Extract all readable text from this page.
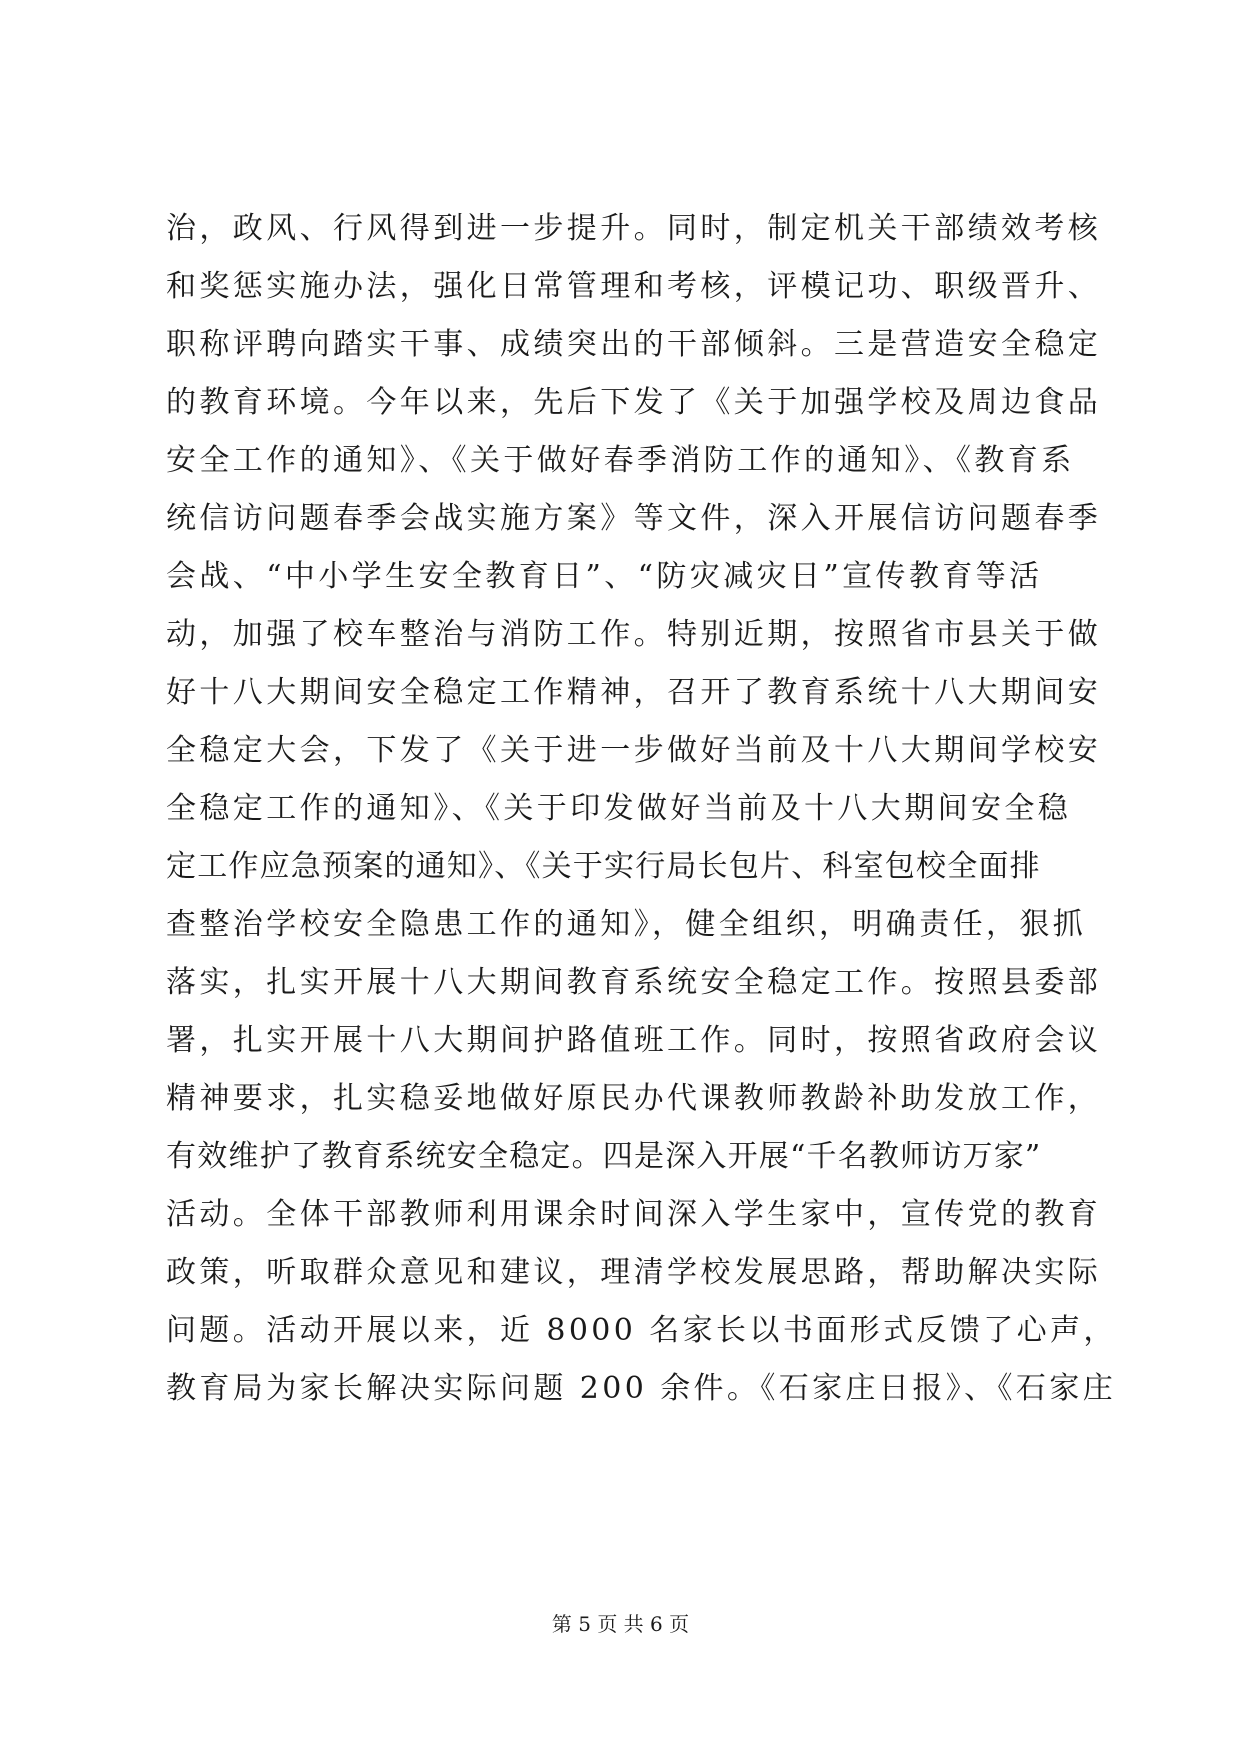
治，政风、行风得到进一步提升。同时，制定机关干部绩效考核
和奖惩实施办法，强化日常管理和考核，评模记功、职级晋升、
职称评聘向踏实干事、成绩突出的干部倾斜。三是营造安全稳定
的教育环境。今年以来，先后下发了《关于加强学校及周边食品
安全工作的通知》、《关于做好春季消防工作的通知》、《教育系
统信访问题春季会战实施方案》等文件，深入开展信访问题春季
会战、“中小学生安全教育日”、“防灾减灾日”宣传教育等活
动，加强了校车整治与消防工作。特别近期，按照省市县关于做
好十八大期间安全稳定工作精神，召开了教育系统十八大期间安
全稳定大会，下发了《关于进一步做好当前及十八大期间学校安
全稳定工作的通知》、《关于印发做好当前及十八大期间安全稳
定工作应急预案的通知》、《关于实行局长包片、科室包校全面排
查整治学校安全隐患工作的通知》，健全组织，明确责任，狠抓
落实，扎实开展十八大期间教育系统安全稳定工作。按照县委部
署，扎实开展十八大期间护路值班工作。同时，按照省政府会议
精神要求，扎实稳妥地做好原民办代课教师教龄补助发放工作，
有效维护了教育系统安全稳定。四是深入开展“千名教师访万家”
活动。全体干部教师利用课余时间深入学生家中，宣传党的教育
政策，听取群众意见和建议，理清学校发展思路，帮助解决实际
问题。活动开展以来，近 8000 名家长以书面形式反馈了心声，
教育局为家长解决实际问题 200 余件。《石家庄日报》、《石家庄
第 5 页 共 6 页
